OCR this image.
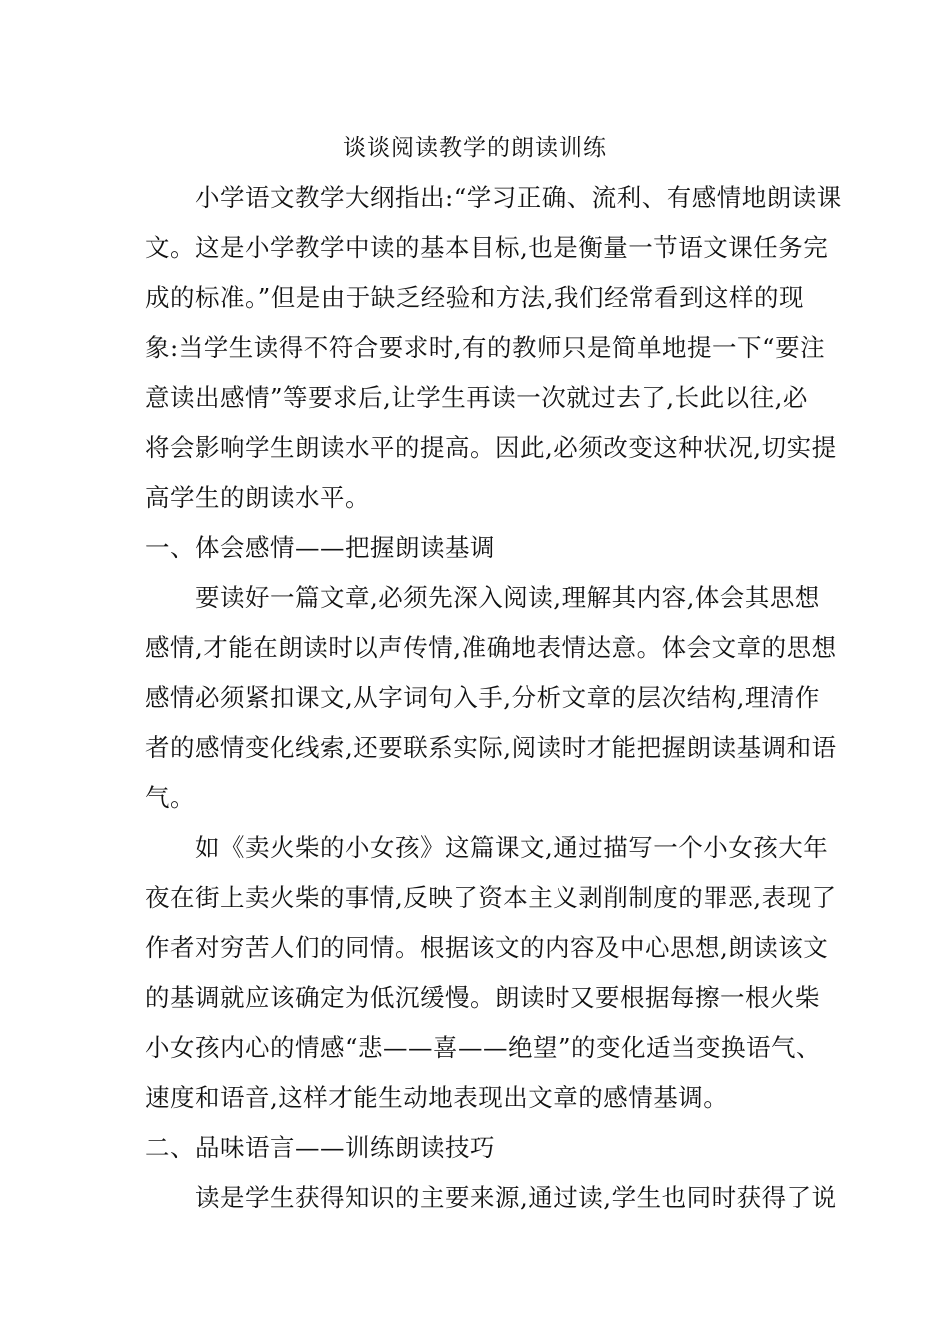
谈谈阅读教学的朗读训练

　　小学语文教学大纲指出:“学习正确、流利、有感情地朗读课

文。这是小学教学中读的基本目标,也是衡量一节语文课任务完

成的标准。”但是由于缺乏经验和方法,我们经常看到这样的现

象:当学生读得不符合要求时,有的教师只是简单地提一下“要注

意读出感情”等要求后,让学生再读一次就过去了,长此以往,必

将会影响学生朗读水平的提高。因此,必须改变这种状况,切实提

高学生的朗读水平。

一、体会感情——把握朗读基调

　　要读好一篇文章,必须先深入阅读,理解其内容,体会其思想

感情,才能在朗读时以声传情,准确地表情达意。体会文章的思想

感情必须紧扣课文,从字词句入手,分析文章的层次结构,理清作

者的感情变化线索,还要联系实际,阅读时才能把握朗读基调和语

气。

　　如《卖火柴的小女孩》这篇课文,通过描写一个小女孩大年

夜在街上卖火柴的事情,反映了资本主义剥削制度的罪恶,表现了

作者对穷苦人们的同情。根据该文的内容及中心思想,朗读该文

的基调就应该确定为低沉缓慢。朗读时又要根据每擦一根火柴

小女孩内心的情感“悲——喜——绝望”的变化适当变换语气、

速度和语音,这样才能生动地表现出文章的感情基调。

二、品味语言——训练朗读技巧

　　读是学生获得知识的主要来源,通过读,学生也同时获得了说
